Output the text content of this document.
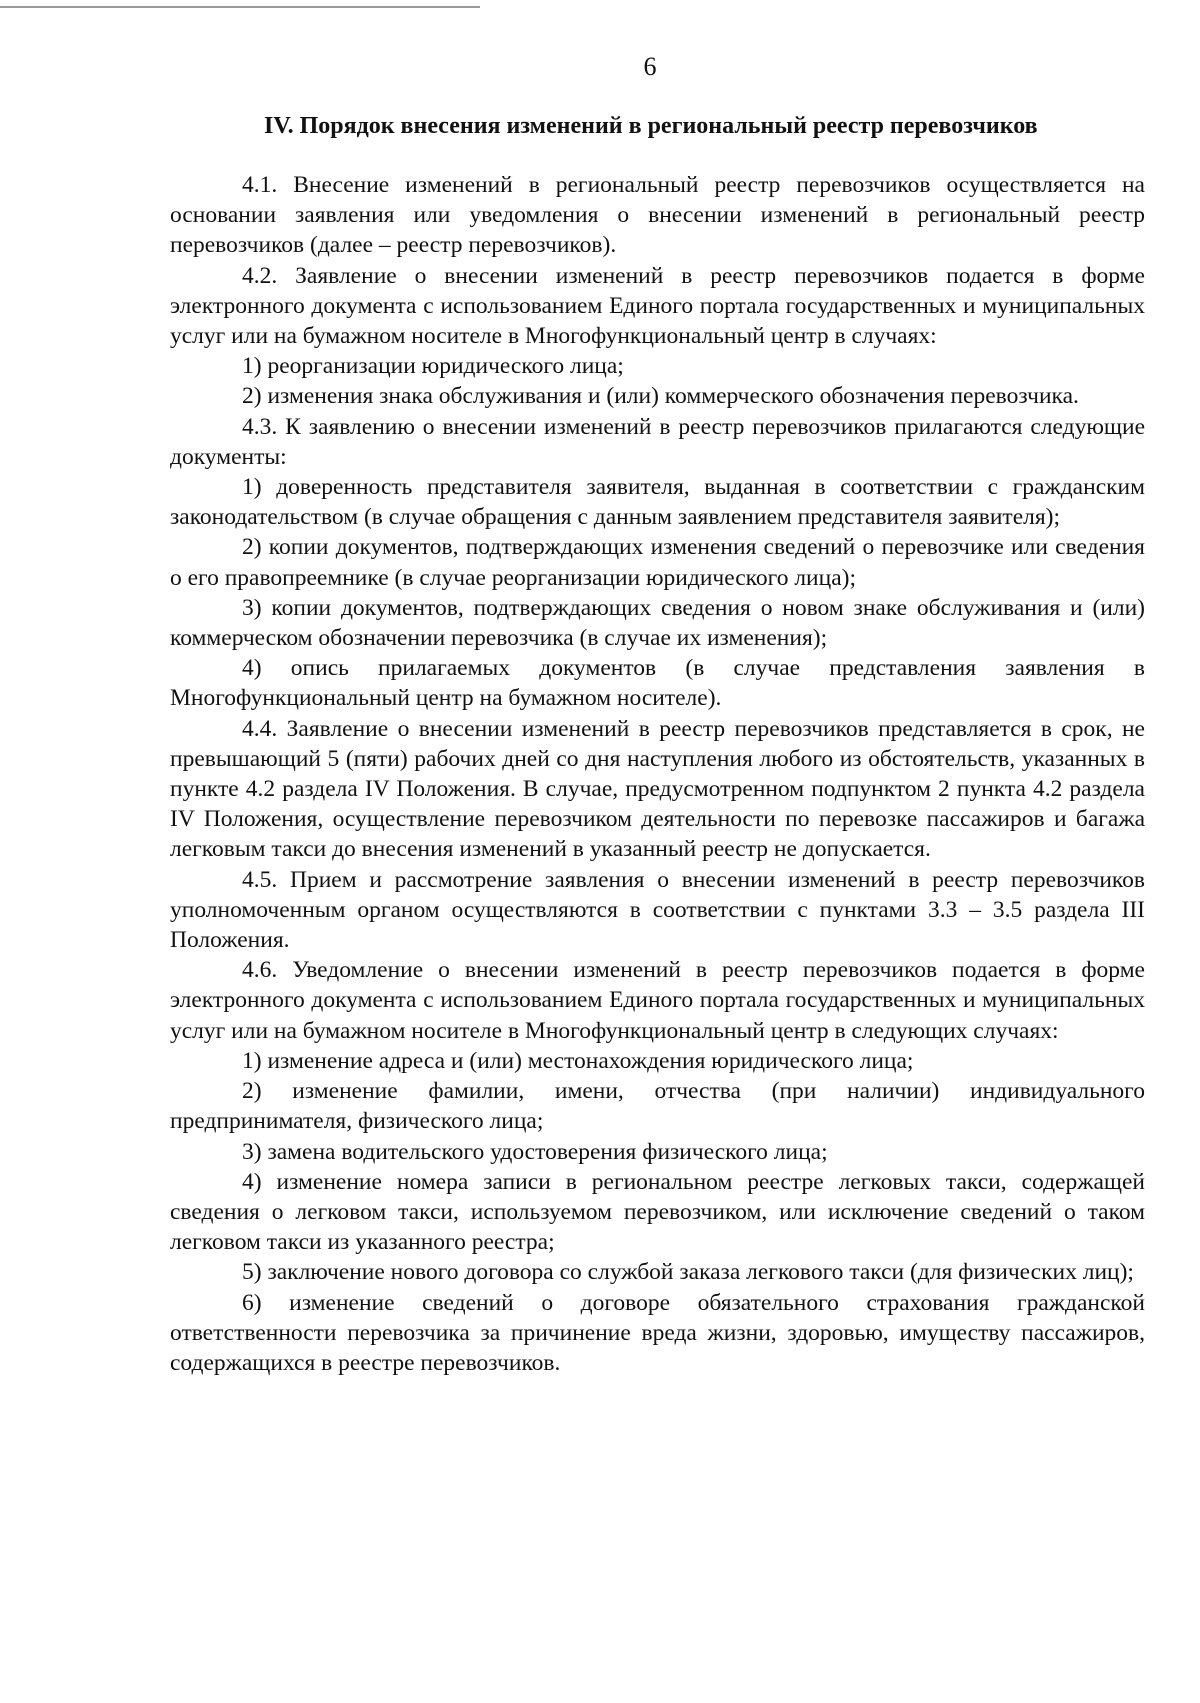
6
IV. Порядок внесения изменений в региональный реестр перевозчиков

4.1. Внесение изменений в региональный реестр перевозчиков осуществляется на основании заявления или уведомления о внесении изменений в региональный реестр перевозчиков (далее – реестр перевозчиков).

4.2. Заявление о внесении изменений в реестр перевозчиков подается в форме электронного документа с использованием Единого портала государственных и муниципальных услуг или на бумажном носителе в Многофункциональный центр в случаях:

1) реорганизации юридического лица;

2) изменения знака обслуживания и (или) коммерческого обозначения перевозчика.

4.3. К заявлению о внесении изменений в реестр перевозчиков прилагаются следующие документы:

1) доверенность представителя заявителя, выданная в соответствии с гражданским законодательством (в случае обращения с данным заявлением представителя заявителя);

2) копии документов, подтверждающих изменения сведений о перевозчике или сведения о его правопреемнике (в случае реорганизации юридического лица);

3) копии документов, подтверждающих сведения о новом знаке обслуживания и (или) коммерческом обозначении перевозчика (в случае их изменения);

4) опись прилагаемых документов (в случае представления заявления в Многофункциональный центр на бумажном носителе).

4.4. Заявление о внесении изменений в реестр перевозчиков представляется в срок, не превышающий 5 (пяти) рабочих дней со дня наступления любого из обстоятельств, указанных в пункте 4.2 раздела IV Положения. В случае, предусмотренном подпунктом 2 пункта 4.2 раздела IV Положения, осуществление перевозчиком деятельности по перевозке пассажиров и багажа легковым такси до внесения изменений в указанный реестр не допускается.

4.5. Прием и рассмотрение заявления о внесении изменений в реестр перевозчиков уполномоченным органом осуществляются в соответствии с пунктами 3.3 – 3.5 раздела III Положения.

4.6. Уведомление о внесении изменений в реестр перевозчиков подается в форме электронного документа с использованием Единого портала государственных и муниципальных услуг или на бумажном носителе в Многофункциональный центр в следующих случаях:

1) изменение адреса и (или) местонахождения юридического лица;

2) изменение фамилии, имени, отчества (при наличии) индивидуального предпринимателя, физического лица;

3) замена водительского удостоверения физического лица;

4) изменение номера записи в региональном реестре легковых такси, содержащей сведения о легковом такси, используемом перевозчиком, или исключение сведений о таком легковом такси из указанного реестра;

5) заключение нового договора со службой заказа легкового такси (для физических лиц);

6) изменение сведений о договоре обязательного страхования гражданской ответственности перевозчика за причинение вреда жизни, здоровью, имуществу пассажиров, содержащихся в реестре перевозчиков.
